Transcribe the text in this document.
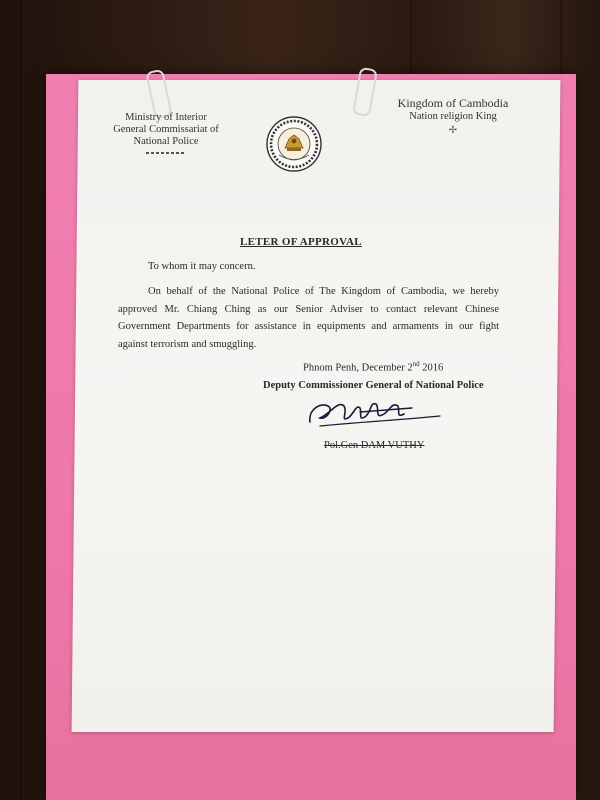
Ministry of Interior
General Commissariat of
National Police
Kingdom of Cambodia
Nation religion King
✢
LETER OF APPROVAL
To whom it may concern.
On behalf of the National Police of The Kingdom of Cambodia, we hereby
approved Mr. Chiang Ching as our Senior Adviser to contact relevant Chinese
Government Departments for assistance in equipments and armaments in our fight
against terrorism and smuggling.
Phnom Penh, December 2nd 2016
Deputy Commissioner General of National Police
Pol.Gen DAM VUTHY
